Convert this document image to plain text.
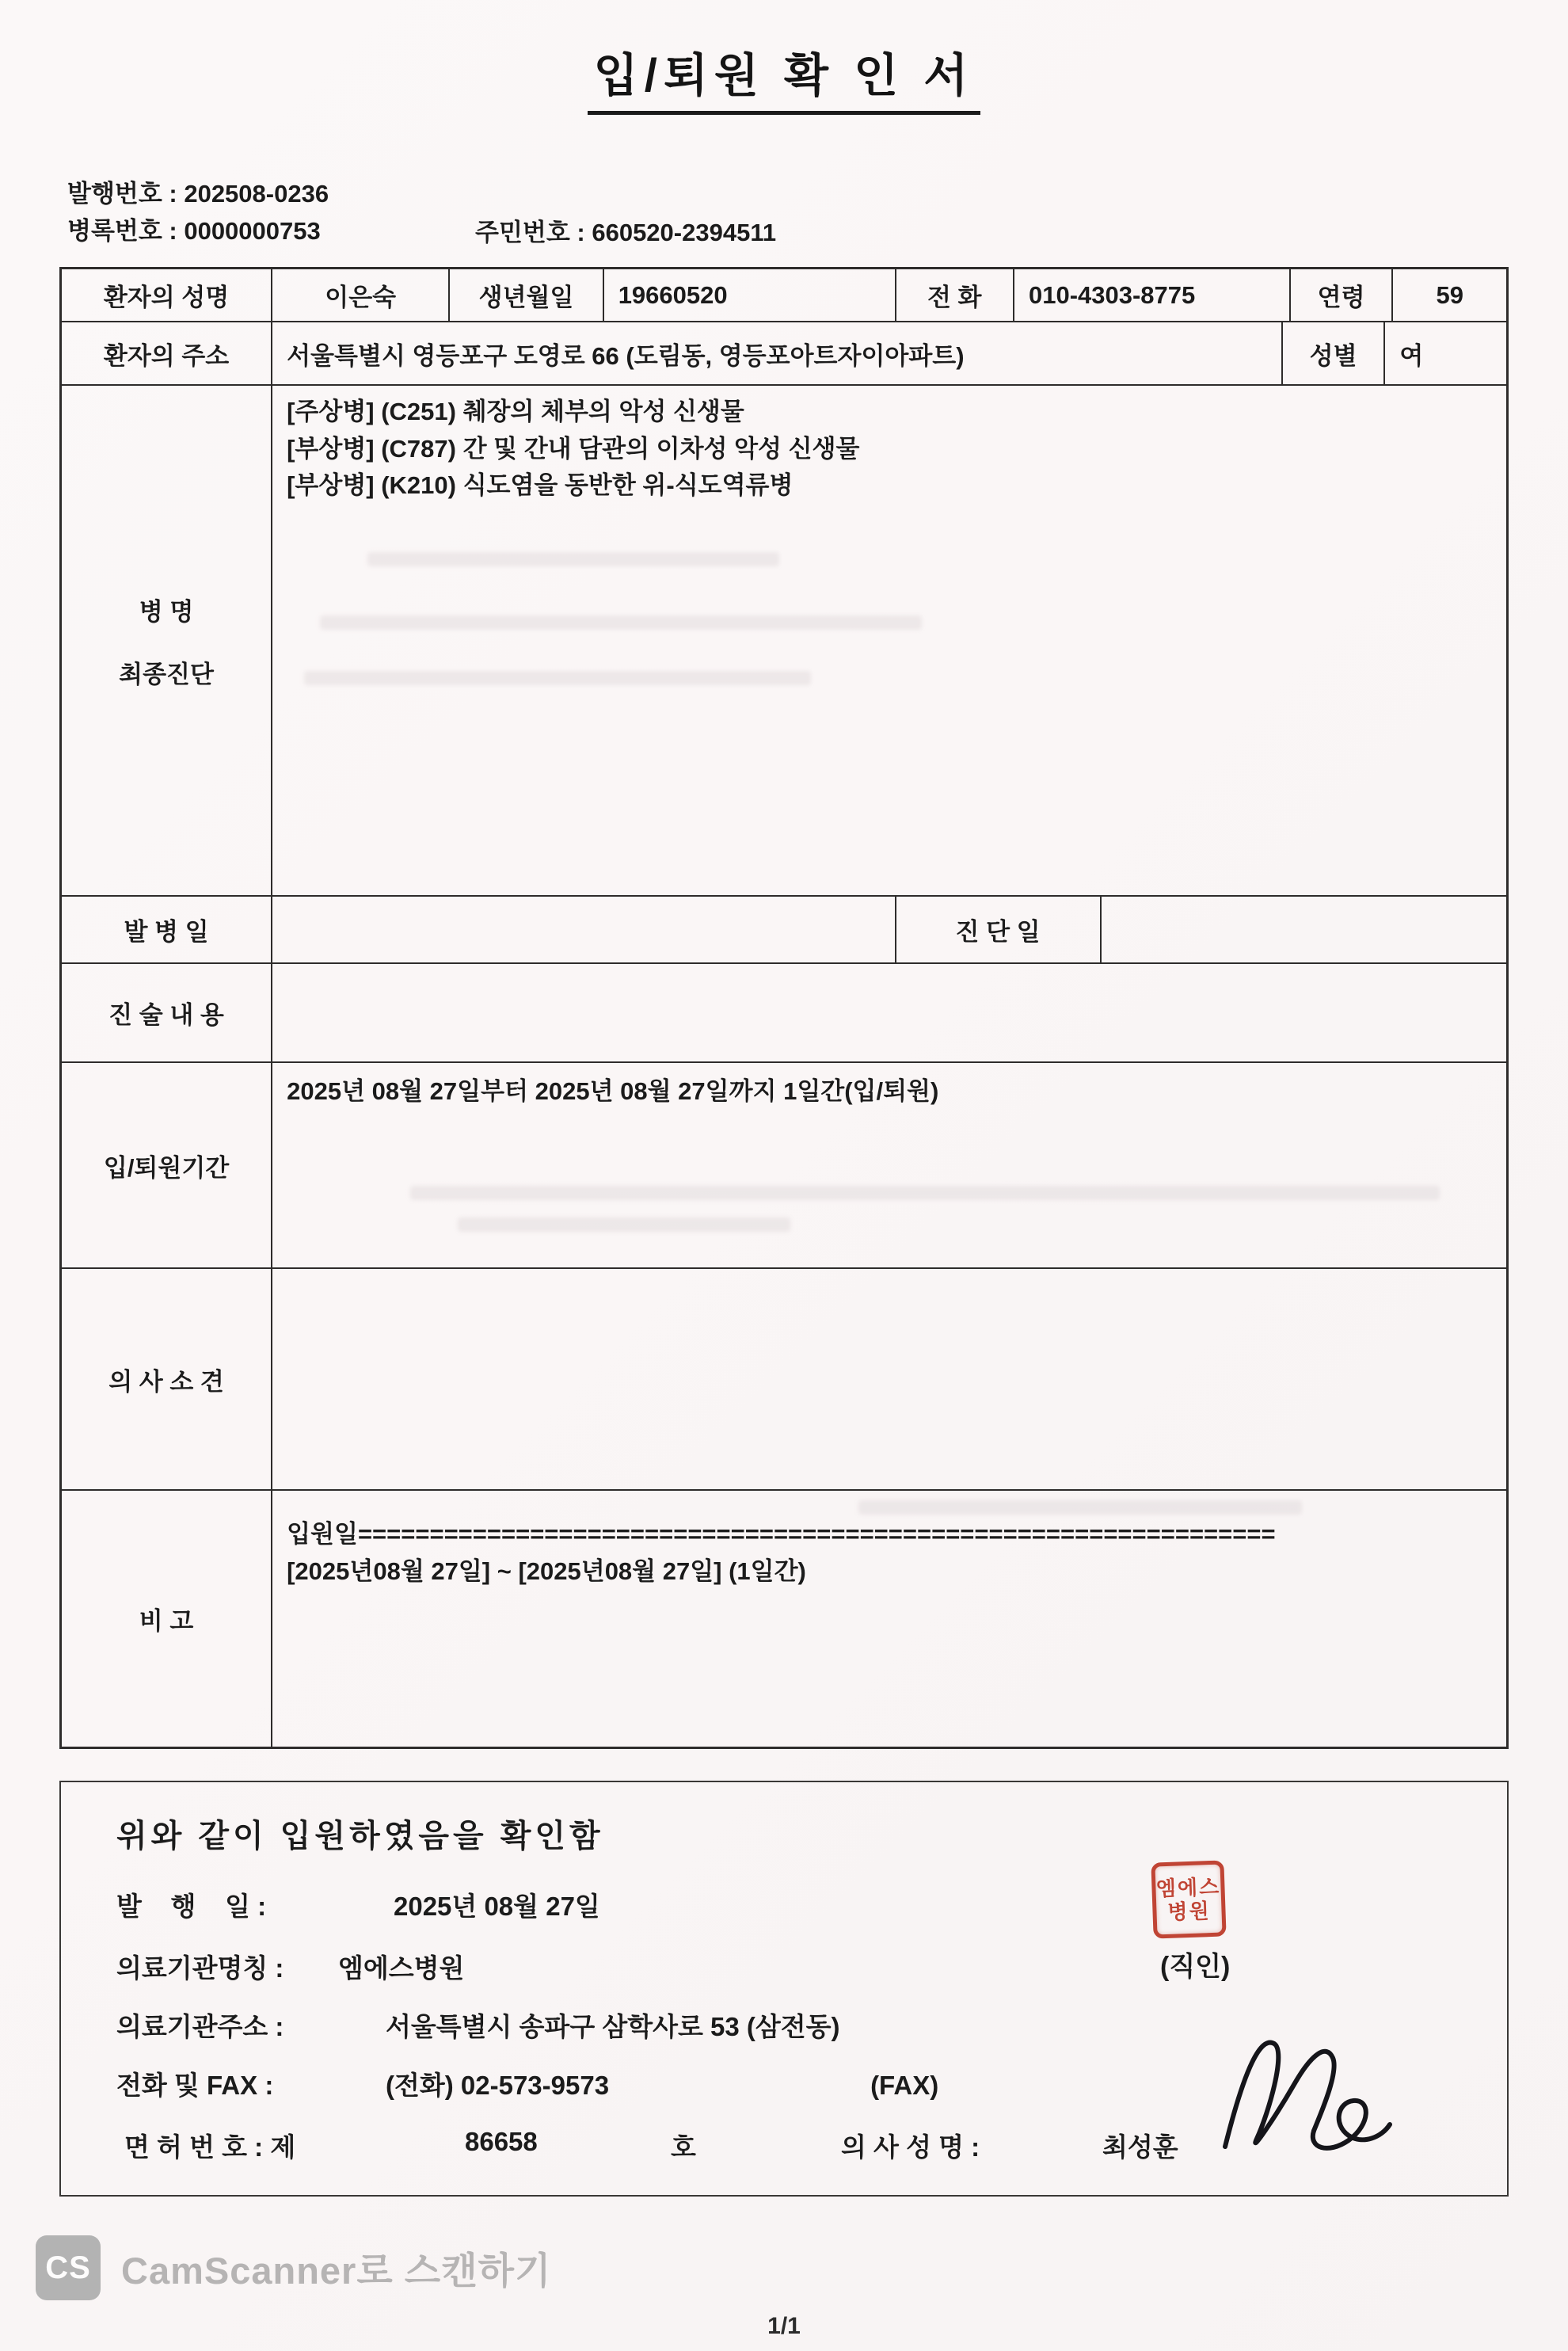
입/퇴원 확 인 서
발행번호 : 202508-0236
병록번호 : 0000000753	주민번호 : 660520-2394511
환자의 성명	이은숙	생년월일	19660520	전 화	010-4303-8775	연령	59
환자의 주소	서울특별시 영등포구 도영로 66 (도림동, 영등포아트자이아파트)	성별	여
병 명
최종진단
[주상병] (C251) 췌장의 체부의 악성 신생물
[부상병] (C787) 간 및 간내 담관의 이차성 악성 신생물
[부상병] (K210) 식도염을 동반한 위-식도역류병
발 병 일	진 단 일
진 술 내 용
입/퇴원기간
2025년 08월 27일부터 2025년 08월 27일까지 1일간(입/퇴원)
의 사 소 견
비 고
입원일================================================================
[2025년08월 27일] ~ [2025년08월 27일] (1일간)
위와 같이 입원하였음을 확인함
발    행    일 :	2025년 08월 27일
의료기관명칭 :	엠에스병원
의료기관주소 :	서울특별시 송파구 삼학사로 53 (삼전동)
전화 및 FAX :	(전화) 02-573-9573	(FAX)
면 허 번 호 : 제	86658	호	의 사 성 명 :	최성훈
엠에스
병원
(직인)
CS CamScanner로 스캔하기
1/1
